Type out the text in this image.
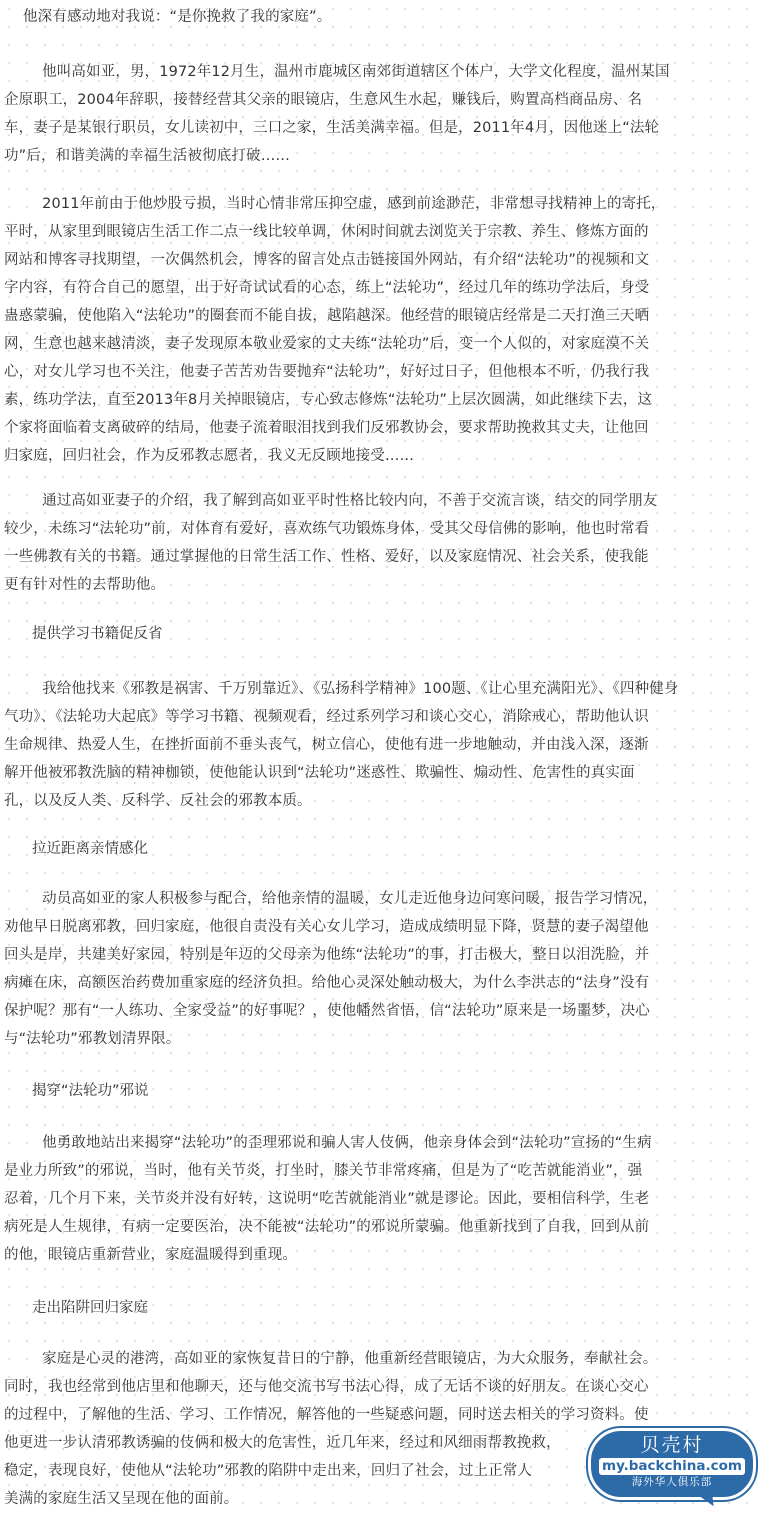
他深有感动地对我说：“是你挽救了我的家庭”。
他叫高如亚，男，1972年12月生，温州市鹿城区南郊街道辖区个体户，大学文化程度，温州某国
企原职工，2004年辞职，接替经营其父亲的眼镜店，生意风生水起，赚钱后，购置高档商品房、名
车，妻子是某银行职员，女儿读初中，三口之家，生活美满幸福。但是，2011年4月，因他迷上“法轮
功”后，和谐美满的幸福生活被彻底打破……
2011年前由于他炒股亏损，当时心情非常压抑空虚，感到前途渺茫，非常想寻找精神上的寄托，
平时，从家里到眼镜店生活工作二点一线比较单调，休闲时间就去浏览关于宗教、养生、修炼方面的
网站和博客寻找期望，一次偶然机会，博客的留言处点击链接国外网站，有介绍“法轮功”的视频和文
字内容，有符合自己的愿望，出于好奇试试看的心态，练上“法轮功”，经过几年的练功学法后，身受
蛊惑蒙骗，使他陷入“法轮功”的圈套而不能自拔，越陷越深。他经营的眼镜店经常是二天打渔三天晒
网，生意也越来越清淡，妻子发现原本敬业爱家的丈夫练“法轮功”后，变一个人似的，对家庭漠不关
心，对女儿学习也不关注，他妻子苦苦劝告要抛弃“法轮功”，好好过日子，但他根本不听，仍我行我
素，练功学法，直至2013年8月关掉眼镜店，专心致志修炼“法轮功”上层次圆满，如此继续下去，这
个家将面临着支离破碎的结局，他妻子流着眼泪找到我们反邪教协会，要求帮助挽救其丈夫，让他回
归家庭，回归社会，作为反邪教志愿者，我义无反顾地接受……
通过高如亚妻子的介绍，我了解到高如亚平时性格比较内向，不善于交流言谈，结交的同学朋友
较少，未练习“法轮功”前，对体育有爱好，喜欢练气功锻炼身体，受其父母信佛的影响，他也时常看
一些佛教有关的书籍。通过掌握他的日常生活工作、性格、爱好，以及家庭情况、社会关系，使我能
更有针对性的去帮助他。
提供学习书籍促反省
我给他找来《邪教是祸害、千万别靠近》、《弘扬科学精神》100题、《让心里充满阳光》、《四种健身
气功》、《法轮功大起底》等学习书籍、视频观看，经过系列学习和谈心交心，消除戒心，帮助他认识
生命规律、热爱人生，在挫折面前不垂头丧气，树立信心，使他有进一步地触动，并由浅入深，逐渐
解开他被邪教洗脑的精神枷锁，使他能认识到“法轮功”迷惑性、欺骗性、煽动性、危害性的真实面
孔，以及反人类、反科学、反社会的邪教本质。
拉近距离亲情感化
动员高如亚的家人积极参与配合，给他亲情的温暖，女儿走近他身边问寒问暖，报告学习情况，
劝他早日脱离邪教，回归家庭，他很自责没有关心女儿学习，造成成绩明显下降，贤慧的妻子渴望他
回头是岸，共建美好家园，特别是年迈的父母亲为他练“法轮功”的事，打击极大，整日以泪洗脸，并
病瘫在床，高额医治药费加重家庭的经济负担。给他心灵深处触动极大，为什么李洪志的“法身”没有
保护呢？那有“一人练功、全家受益”的好事呢？，使他幡然省悟，信“法轮功”原来是一场噩梦，决心
与“法轮功”邪教划清界限。
揭穿“法轮功”邪说
他勇敢地站出来揭穿“法轮功”的歪理邪说和骗人害人伎俩，他亲身体会到“法轮功”宣扬的“生病
是业力所致”的邪说，当时，他有关节炎，打坐时，膝关节非常疼痛，但是为了“吃苦就能消业”，强
忍着，几个月下来，关节炎并没有好转，这说明“吃苦就能消业”就是谬论。因此，要相信科学，生老
病死是人生规律，有病一定要医治，决不能被“法轮功”的邪说所蒙骗。他重新找到了自我，回到从前
的他，眼镜店重新营业，家庭温暖得到重现。
走出陷阱回归家庭
家庭是心灵的港湾，高如亚的家恢复昔日的宁静，他重新经营眼镜店，为大众服务，奉献社会。
同时，我也经常到他店里和他聊天，还与他交流书写书法心得，成了无话不谈的好朋友。在谈心交心
的过程中，了解他的生活、学习、工作情况，解答他的一些疑惑问题，同时送去相关的学习资料。使
他更进一步认清邪教诱骗的伎俩和极大的危害性，近几年来，经过和风细雨帮教挽救，
稳定，表现良好，使他从“法轮功”邪教的陷阱中走出来，回归了社会，过上正常人
美满的家庭生活又呈现在他的面前。
贝壳村
my.backchina.com
海外华人俱乐部
